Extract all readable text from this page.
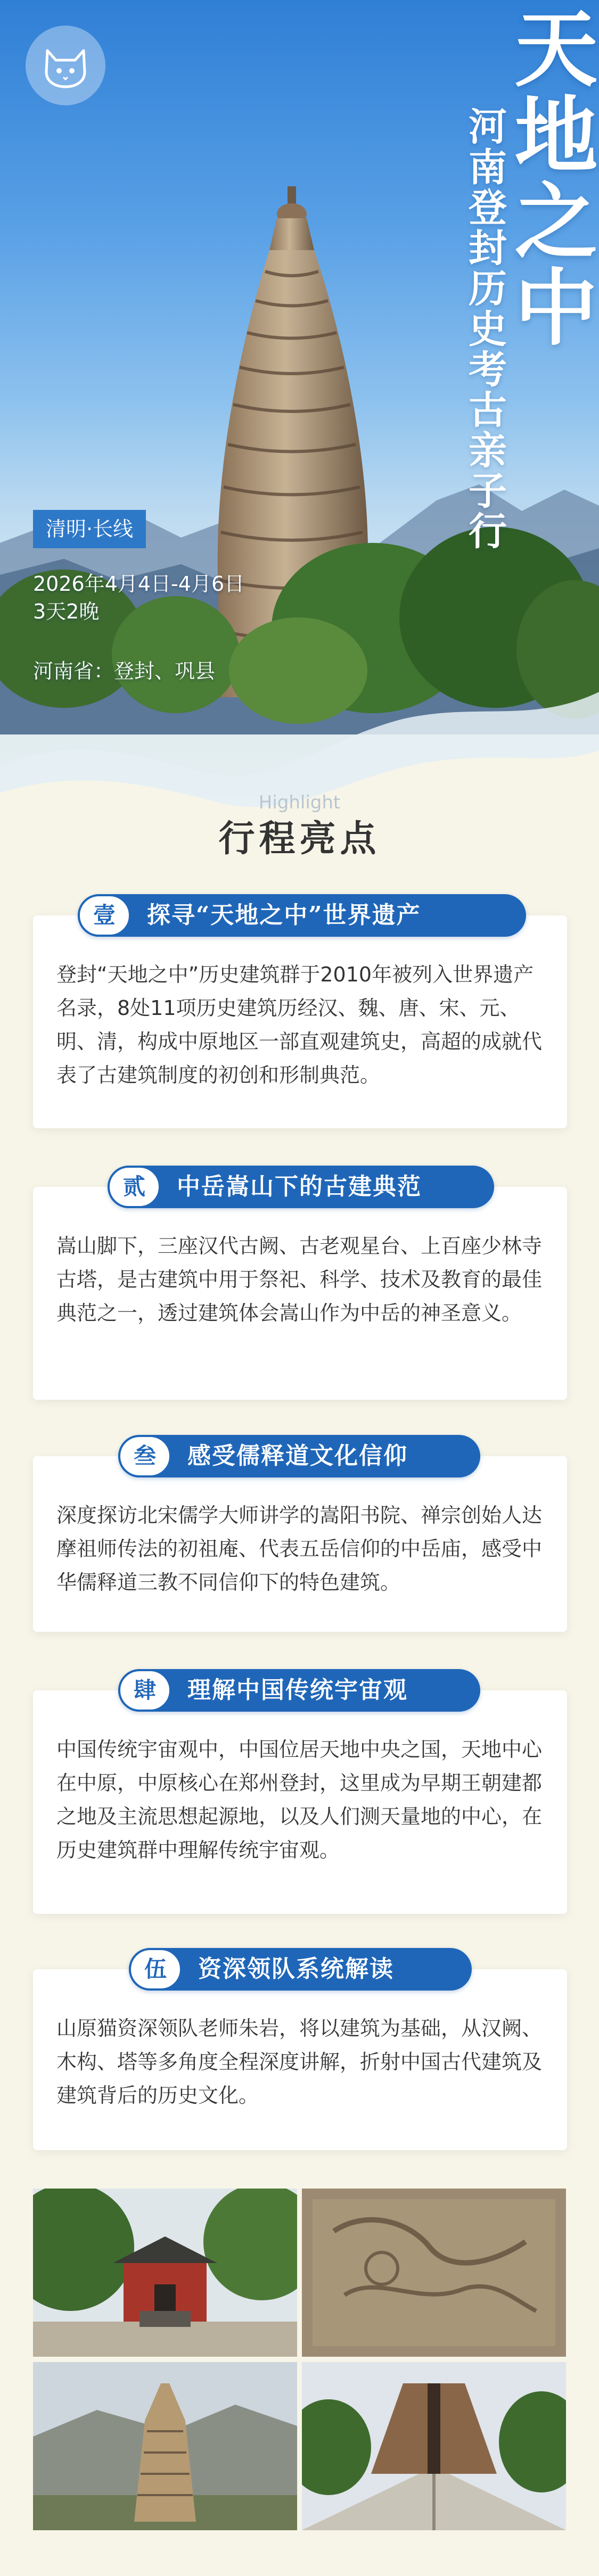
天地之中
河南登封历史考古亲子行
清明·长线
2026年4月4日-4月6日
3天2晚
河南省：登封、巩县
Highlight
行程亮点
壹	探寻“天地之中”世界遗产
登封“天地之中”历史建筑群于2010年被列入世界遗产名录，8处11项历史建筑历经汉、魏、唐、宋、元、明、清，构成中原地区一部直观建筑史，高超的成就代表了古建筑制度的初创和形制典范。
贰	中岳嵩山下的古建典范
嵩山脚下，三座汉代古阙、古老观星台、上百座少林寺古塔，是古建筑中用于祭祀、科学、技术及教育的最佳典范之一，透过建筑体会嵩山作为中岳的神圣意义。
叁	感受儒释道文化信仰
深度探访北宋儒学大师讲学的嵩阳书院、禅宗创始人达摩祖师传法的初祖庵、代表五岳信仰的中岳庙，感受中华儒释道三教不同信仰下的特色建筑。
肆	理解中国传统宇宙观
中国传统宇宙观中，中国位居天地中央之国，天地中心在中原，中原核心在郑州登封，这里成为早期王朝建都之地及主流思想起源地，以及人们测天量地的中心，在历史建筑群中理解传统宇宙观。
伍	资深领队系统解读
山原猫资深领队老师朱岩，将以建筑为基础，从汉阙、木构、塔等多角度全程深度讲解，折射中国古代建筑及建筑背后的历史文化。
